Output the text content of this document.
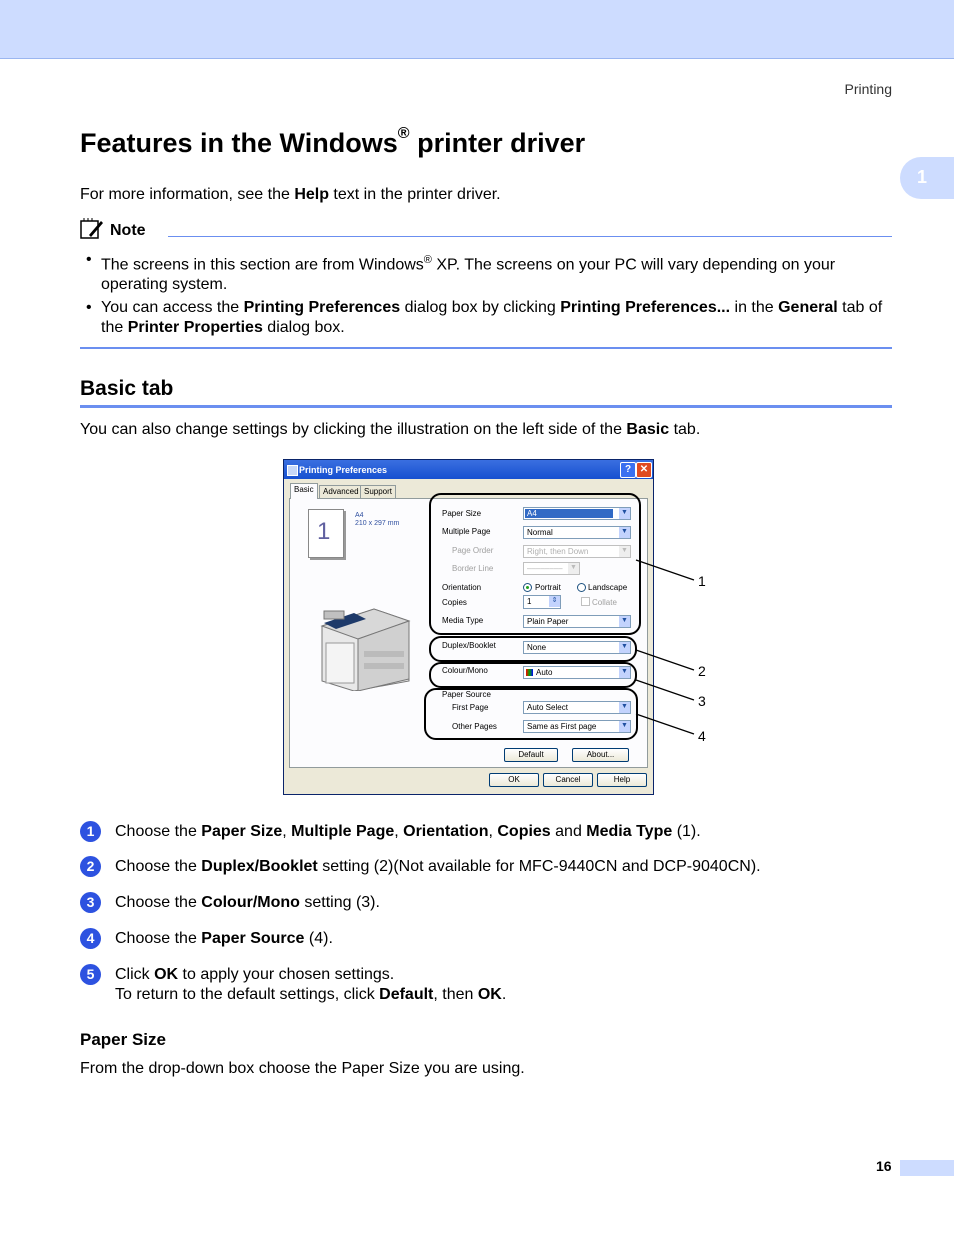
Printing
1
Features in the Windows® printer driver

For more information, see the Help text in the printer driver.

Note
• The screens in this section are from Windows® XP. The screens on your PC will vary depending on your operating system.
• You can access the Printing Preferences dialog box by clicking Printing Preferences... in the General tab of the Printer Properties dialog box.
Basic tab

You can also change settings by clicking the illustration on the left side of the Basic tab.

Printing Preferences	? ✕
Basic	Advanced Support
1
A4
210 x 297 mm
Paper Size	A4	▼
Multiple Page	Normal	▼
Page Order	Right, then Down	▼
Border Line	–––––––– ▼
Orientation	Portrait	Landscape
Copies	1	⇕	Collate
Media Type	Plain Paper	▼
Duplex/Booklet	None	▼
Colour/Mono	Auto	▼
Paper Source
First Page	Auto Select	▼
Other Pages	Same as First page	▼
Default	About...
OK	Cancel	Help
1
2
3
4
1	Choose the Paper Size, Multiple Page, Orientation, Copies and Media Type (1).
2	Choose the Duplex/Booklet setting (2)(Not available for MFC-9440CN and DCP-9040CN).
3	Choose the Colour/Mono setting (3).
4	Choose the Paper Source (4).
5	Click OK to apply your chosen settings.
To return to the default settings, click Default, then OK.
Paper Size

From the drop-down box choose the Paper Size you are using.

16
